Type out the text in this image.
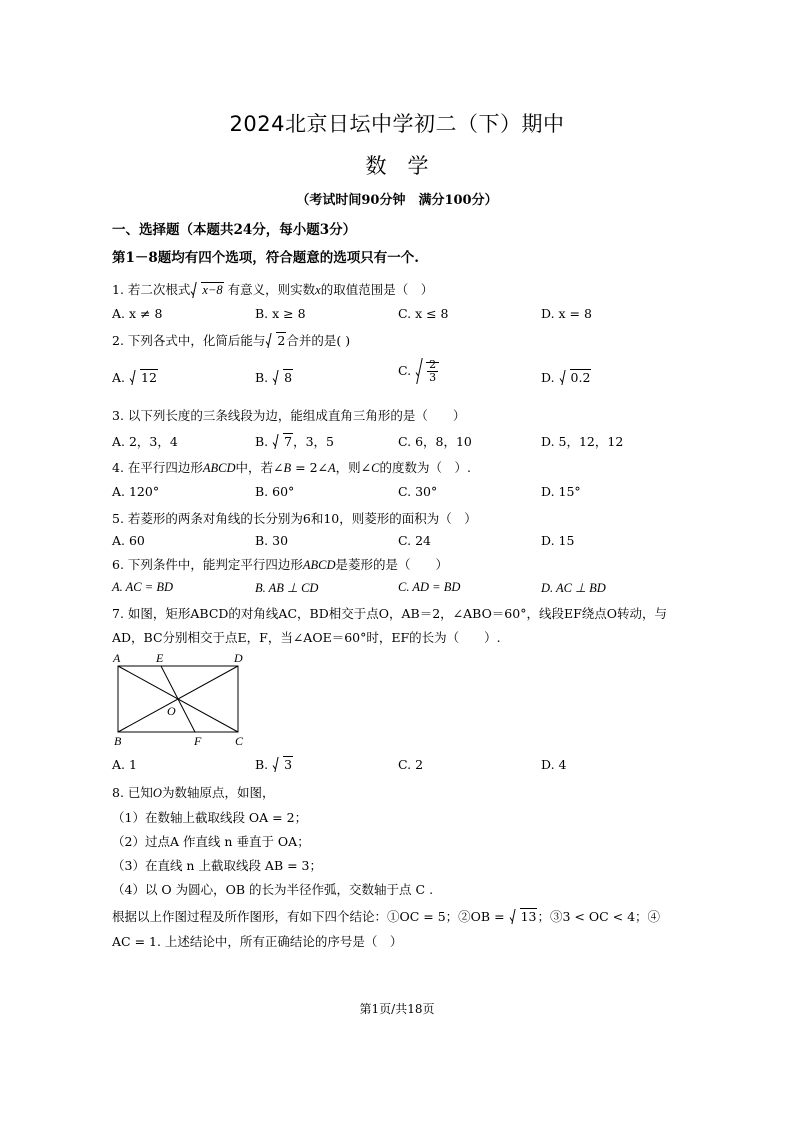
2024北京日坛中学初二（下）期中
数　学
（考试时间90分钟　满分100分）
一、选择题（本题共24分，每小题3分）
第1－8题均有四个选项，符合题意的选项只有一个.
1. 若二次根式 x−8 有意义，则实数x的取值范围是（　）
A. x ≠ 8	B. x ≥ 8	C. x ≤ 8	D. x = 8
2. 下列各式中，化简后能与 2合并的是( )
A. 12	B. 8	C. $\frac{2}{3}$	D. 0.2
3. 以下列长度的三条线段为边，能组成直角三角形的是（　　）
A. 2，3，4	B. 7，3，5	C. 6，8，10	D. 5，12，12
4. 在平行四边形ABCD中，若∠B = 2∠A，则∠C的度数为（　）.
A. 120°	B. 60°	C. 30°	D. 15°
5. 若菱形的两条对角线的长分别为6和10，则菱形的面积为（　）
A. 60	B. 30	C. 24	D. 15
6. 下列条件中，能判定平行四边形ABCD是菱形的是（　　）
A. AC = BD	B. AB ⊥ CD	C. AD = BD	D. AC ⊥ BD
7. 如图，矩形ABCD的对角线AC，BD相交于点O，AB＝2，∠ABO＝60°，线段EF绕点O转动，与
AD，BC分别相交于点E，F，当∠AOE＝60°时，EF的长为（　　）.
A	E	D
O
B	F	C
A. 1	B. 3	C. 2	D. 4
8. 已知O为数轴原点，如图，
（1）在数轴上截取线段 OA = 2；
（2）过点A 作直线 n 垂直于 OA；
（3）在直线 n 上截取线段 AB = 3；
（4）以 O 为圆心，OB 的长为半径作弧，交数轴于点 C .
根据以上作图过程及所作图形，有如下四个结论：①OC = 5；②OB = 13；③3 < OC < 4；④
AC = 1. 上述结论中，所有正确结论的序号是（　）
第1页/共18页
